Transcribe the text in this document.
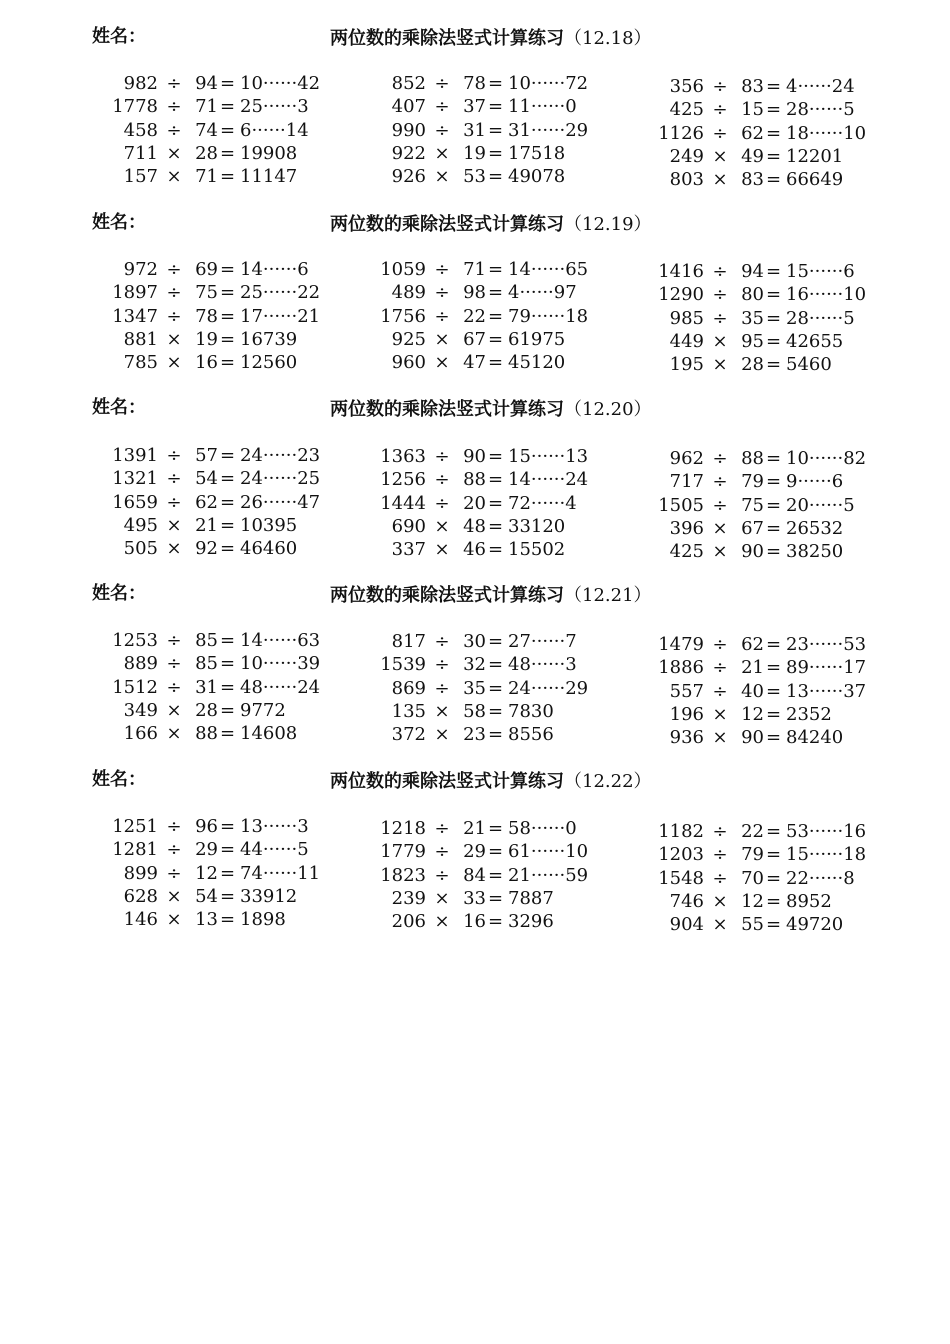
姓名：	两位数的乘除法竖式计算练习（12.18）
982 ÷ 94 = 10······42
1778 ÷ 71 = 25······3
458 ÷ 74 = 6······14
711 × 28 = 19908
157 × 71 = 11147
852 ÷ 78 = 10······72
407 ÷ 37 = 11······0
990 ÷ 31 = 31······29
922 × 19 = 17518
926 × 53 = 49078
356 ÷ 83 = 4······24
425 ÷ 15 = 28······5
1126 ÷ 62 = 18······10
249 × 49 = 12201
803 × 83 = 66649
姓名：	两位数的乘除法竖式计算练习（12.19）
972 ÷ 69 = 14······6
1897 ÷ 75 = 25······22
1347 ÷ 78 = 17······21
881 × 19 = 16739
785 × 16 = 12560
1059 ÷ 71 = 14······65
489 ÷ 98 = 4······97
1756 ÷ 22 = 79······18
925 × 67 = 61975
960 × 47 = 45120
1416 ÷ 94 = 15······6
1290 ÷ 80 = 16······10
985 ÷ 35 = 28······5
449 × 95 = 42655
195 × 28 = 5460
姓名：	两位数的乘除法竖式计算练习（12.20）
1391 ÷ 57 = 24······23
1321 ÷ 54 = 24······25
1659 ÷ 62 = 26······47
495 × 21 = 10395
505 × 92 = 46460
1363 ÷ 90 = 15······13
1256 ÷ 88 = 14······24
1444 ÷ 20 = 72······4
690 × 48 = 33120
337 × 46 = 15502
962 ÷ 88 = 10······82
717 ÷ 79 = 9······6
1505 ÷ 75 = 20······5
396 × 67 = 26532
425 × 90 = 38250
姓名：	两位数的乘除法竖式计算练习（12.21）
1253 ÷ 85 = 14······63
889 ÷ 85 = 10······39
1512 ÷ 31 = 48······24
349 × 28 = 9772
166 × 88 = 14608
817 ÷ 30 = 27······7
1539 ÷ 32 = 48······3
869 ÷ 35 = 24······29
135 × 58 = 7830
372 × 23 = 8556
1479 ÷ 62 = 23······53
1886 ÷ 21 = 89······17
557 ÷ 40 = 13······37
196 × 12 = 2352
936 × 90 = 84240
姓名：	两位数的乘除法竖式计算练习（12.22）
1251 ÷ 96 = 13······3
1281 ÷ 29 = 44······5
899 ÷ 12 = 74······11
628 × 54 = 33912
146 × 13 = 1898
1218 ÷ 21 = 58······0
1779 ÷ 29 = 61······10
1823 ÷ 84 = 21······59
239 × 33 = 7887
206 × 16 = 3296
1182 ÷ 22 = 53······16
1203 ÷ 79 = 15······18
1548 ÷ 70 = 22······8
746 × 12 = 8952
904 × 55 = 49720
